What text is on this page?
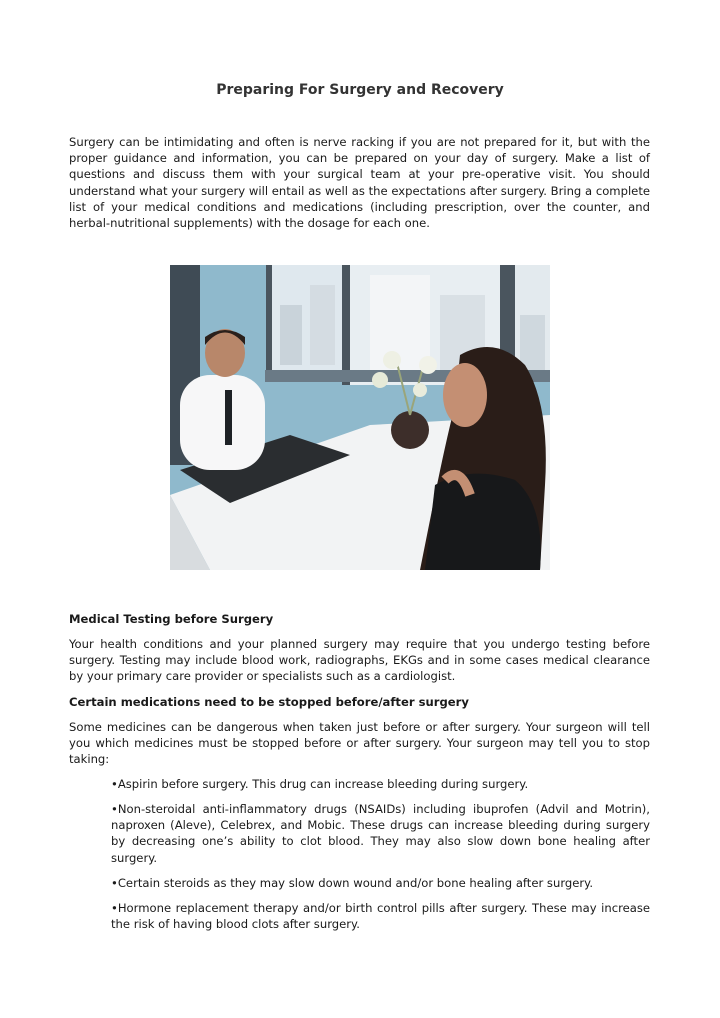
Preparing For Surgery and Recovery

Surgery can be intimidating and often is nerve racking if you are not prepared for it, but with the proper guidance and information, you can be prepared on your day of surgery. Make a list of questions and discuss them with your surgical team at your pre-operative visit. You should understand what your surgery will entail as well as the expectations after surgery. Bring a complete list of your medical conditions and medications (including prescription, over the counter, and herbal-nutritional supplements) with the dosage for each one.

Medical Testing before Surgery

Your health conditions and your planned surgery may require that you undergo testing before surgery. Testing may include blood work, radiographs, EKGs and in some cases medical clearance by your primary care provider or specialists such as a cardiologist.

Certain medications need to be stopped before/after surgery

Some medicines can be dangerous when taken just before or after surgery. Your surgeon will tell you which medicines must be stopped before or after surgery. Your surgeon may tell you to stop taking:

•Aspirin before surgery. This drug can increase bleeding during surgery.

•Non-steroidal anti-inflammatory drugs (NSAIDs) including ibuprofen (Advil and Motrin), naproxen (Aleve), Celebrex, and Mobic. These drugs can increase bleeding during surgery by decreasing one’s ability to clot blood. They may also slow down bone healing after surgery.

•Certain steroids as they may slow down wound and/or bone healing after surgery.

•Hormone replacement therapy and/or birth control pills after surgery. These may increase the risk of having blood clots after surgery.
